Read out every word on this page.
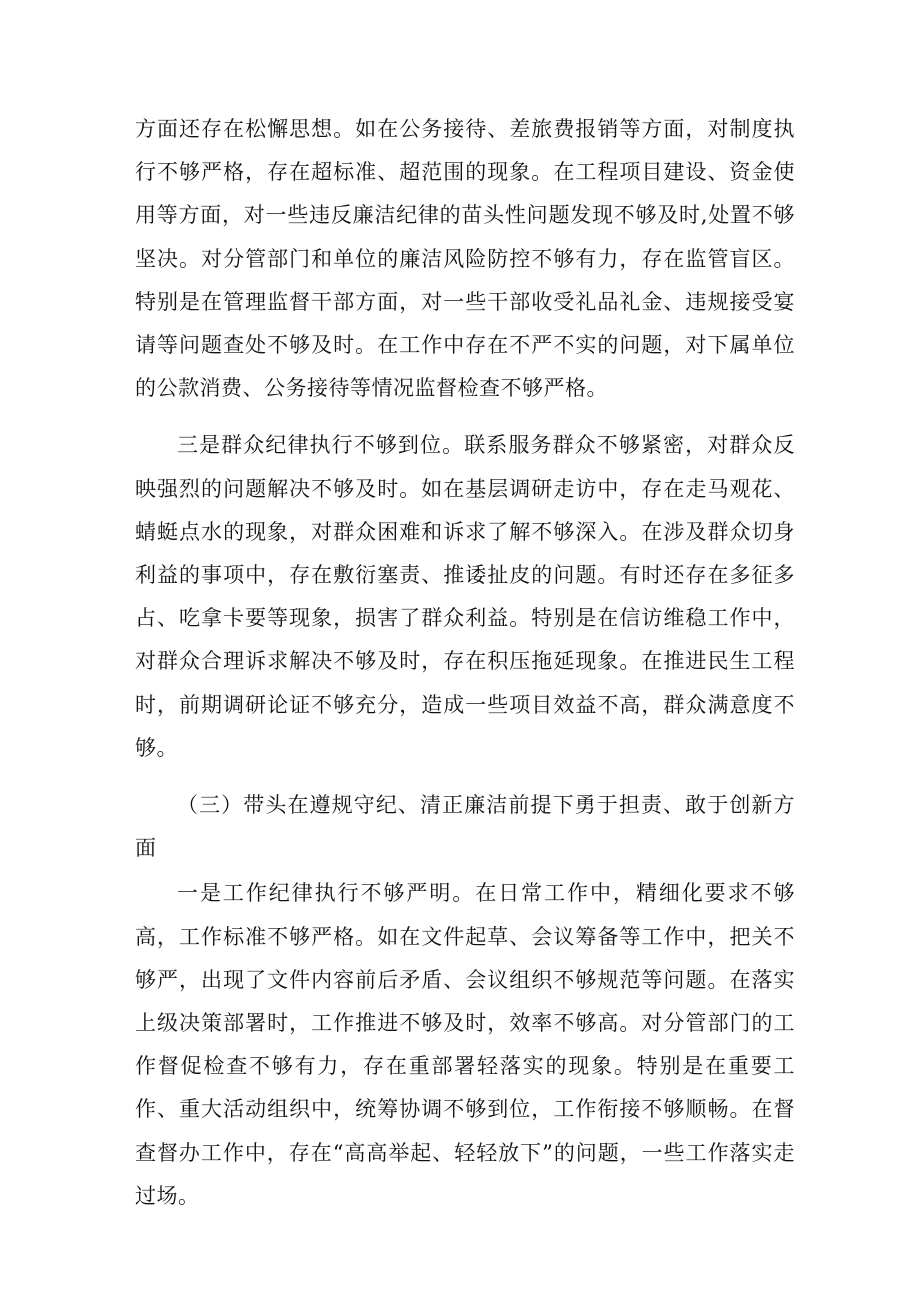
方面还存在松懈思想。如在公务接待、差旅费报销等方面，对制度执行不够严格，存在超标准、超范围的现象。在工程项目建设、资金使用等方面，对一些违反廉洁纪律的苗头性问题发现不够及时,处置不够坚决。对分管部门和单位的廉洁风险防控不够有力，存在监管盲区。特别是在管理监督干部方面，对一些干部收受礼品礼金、违规接受宴请等问题查处不够及时。在工作中存在不严不实的问题，对下属单位的公款消费、公务接待等情况监督检查不够严格。

三是群众纪律执行不够到位。联系服务群众不够紧密，对群众反映强烈的问题解决不够及时。如在基层调研走访中，存在走马观花、蜻蜓点水的现象，对群众困难和诉求了解不够深入。在涉及群众切身利益的事项中，存在敷衍塞责、推诿扯皮的问题。有时还存在多征多占、吃拿卡要等现象，损害了群众利益。特别是在信访维稳工作中，对群众合理诉求解决不够及时，存在积压拖延现象。在推进民生工程时，前期调研论证不够充分，造成一些项目效益不高，群众满意度不够。

（三）带头在遵规守纪、清正廉洁前提下勇于担责、敢于创新方面

一是工作纪律执行不够严明。在日常工作中，精细化要求不够高，工作标准不够严格。如在文件起草、会议筹备等工作中，把关不够严，出现了文件内容前后矛盾、会议组织不够规范等问题。在落实上级决策部署时，工作推进不够及时，效率不够高。对分管部门的工作督促检查不够有力，存在重部署轻落实的现象。特别是在重要工作、重大活动组织中，统筹协调不够到位，工作衔接不够顺畅。在督查督办工作中，存在“高高举起、轻轻放下”的问题，一些工作落实走过场。
